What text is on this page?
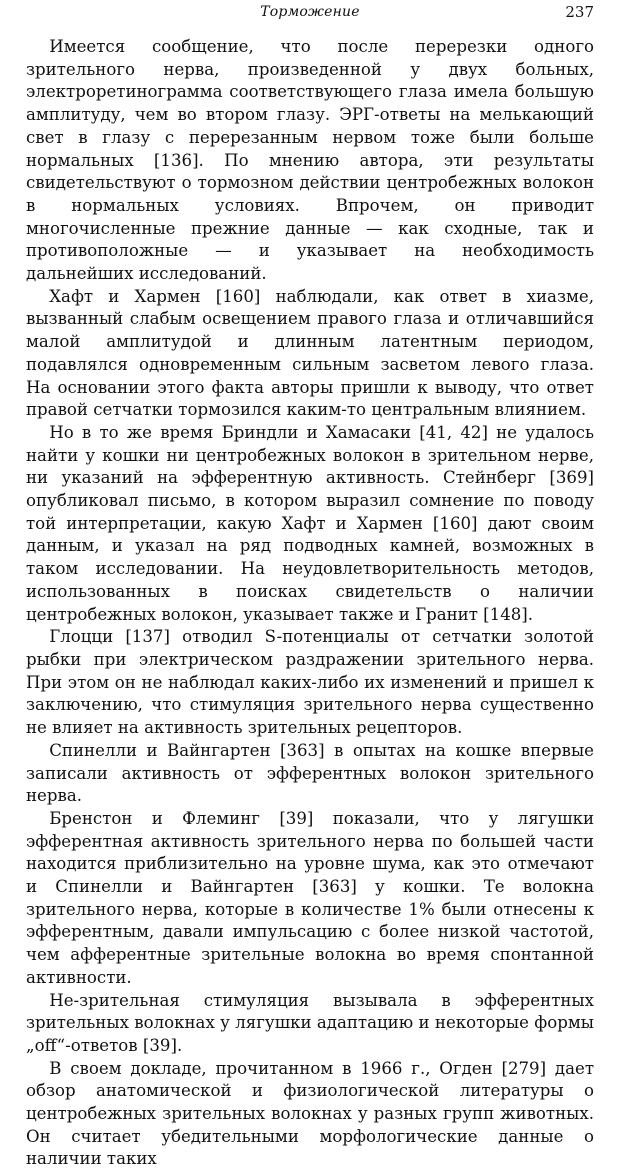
Торможение	237

Имеется сообщение, что после перерезки одного зрительного нерва, произведенной у двух больных, электроретинограмма соответствующего глаза имела большую амплитуду, чем во втором глазу. ЭРГ-ответы на мелькающий свет в глазу с перерезанным нервом тоже были больше нормальных [136]. По мнению автора, эти результаты свидетельствуют о тормозном действии центробежных волокон в нормальных условиях. Впрочем, он приводит многочисленные прежние данные — как сходные, так и противоположные — и указывает на необходимость дальнейших исследований.

Хафт и Хармен [160] наблюдали, как ответ в хиазме, вызванный слабым освещением правого глаза и отличавшийся малой амплитудой и длинным латентным периодом, подавлялся одновременным сильным засветом левого глаза. На основании этого факта авторы пришли к выводу, что ответ правой сетчатки тормозился каким-то центральным влиянием.

Но в то же время Бриндли и Хамасаки [41, 42] не удалось найти у кошки ни центробежных волокон в зрительном нерве, ни указаний на эфферентную активность. Стейнберг [369] опубликовал письмо, в котором выразил сомнение по поводу той интерпретации, какую Хафт и Хармен [160] дают своим данным, и указал на ряд подводных камней, возможных в таком исследовании. На неудовлетворительность методов, использованных в поисках свидетельств о наличии центробежных волокон, указывает также и Гранит [148].

Глоцци [137] отводил S-потенциалы от сетчатки золотой рыбки при электрическом раздражении зрительного нерва. При этом он не наблюдал каких-либо их изменений и пришел к заключению, что стимуляция зрительного нерва существенно не влияет на активность зрительных рецепторов.

Спинелли и Вайнгартен [363] в опытах на кошке впервые записали активность от эфферентных волокон зрительного нерва.

Бренстон и Флеминг [39] показали, что у лягушки эфферентная активность зрительного нерва по большей части находится приблизительно на уровне шума, как это отмечают и Спинелли и Вайнгартен [363] у кошки. Те волокна зрительного нерва, которые в количестве 1% были отнесены к эфферентным, давали импульсацию с более низкой частотой, чем афферентные зрительные волокна во время спонтанной активности.

Не-зрительная стимуляция вызывала в эфферентных зрительных волокнах у лягушки адаптацию и некоторые формы „off“-ответов [39].

В своем докладе, прочитанном в 1966 г., Огден [279] дает обзор анатомической и физиологической литературы о центробежных зрительных волокнах у разных групп животных. Он считает убедительными морфологические данные о наличии таких
